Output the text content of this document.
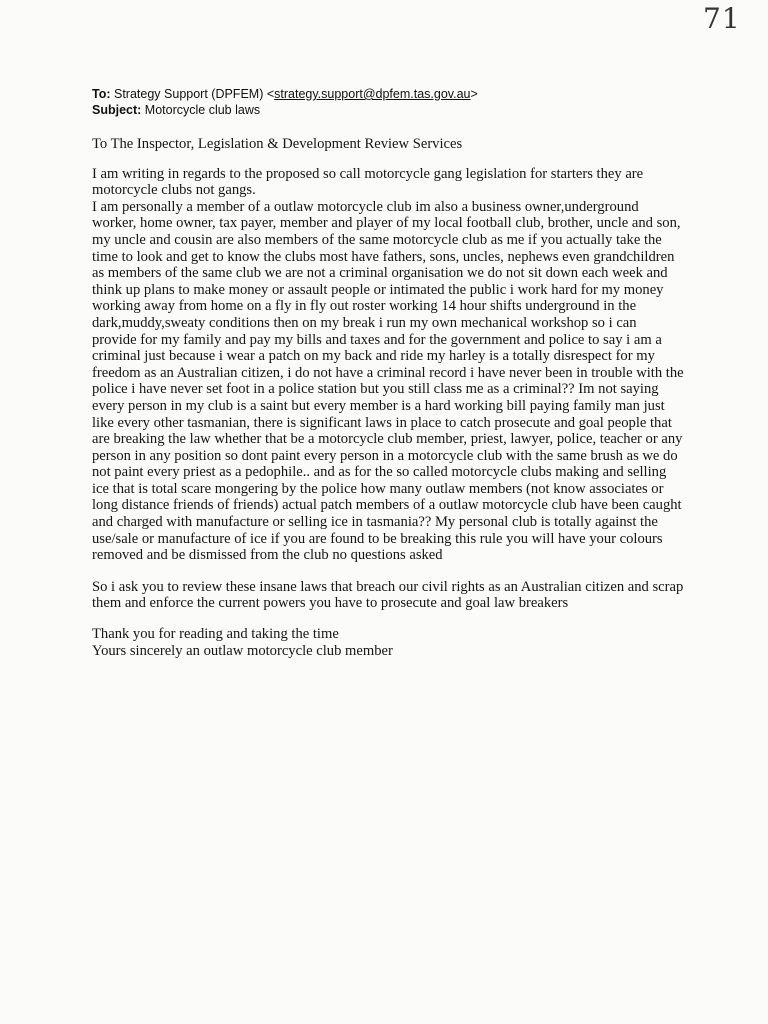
71
To: Strategy Support (DPFEM) <strategy.support@dpfem.tas.gov.au>
Subject: Motorcycle club laws

To The Inspector, Legislation & Development Review Services

I am writing in regards to the proposed so call motorcycle gang legislation for starters they are motorcycle clubs not gangs.

I am personally a member of a outlaw motorcycle club im also a business owner,underground worker, home owner, tax payer, member and player of my local football club, brother, uncle and son, my uncle and cousin are also members of the same motorcycle club as me if you actually take the time to look and get to know the clubs most have fathers, sons, uncles, nephews even grandchildren as members of the same club we are not a criminal organisation we do not sit down each week and think up plans to make money or assault people or intimated the public i work hard for my money working away from home on a fly in fly out roster working 14 hour shifts underground in the dark,muddy,sweaty conditions then on my break i run my own mechanical workshop so i can provide for my family and pay my bills and taxes and for the government and police to say i am a criminal just because i wear a patch on my back and ride my harley is a totally disrespect for my freedom as an Australian citizen, i do not have a criminal record i have never been in trouble with the police i have never set foot in a police station but you still class me as a criminal?? Im not saying every person in my club is a saint but every member is a hard working bill paying family man just like every other tasmanian, there is significant laws in place to catch prosecute and goal people that are breaking the law whether that be a motorcycle club member, priest, lawyer, police, teacher or any person in any position so dont paint every person in a motorcycle club with the same brush as we do not paint every priest as a pedophile.. and as for the so called motorcycle clubs making and selling ice that is total scare mongering by the police how many outlaw members (not know associates or long distance friends of friends) actual patch members of a outlaw motorcycle club have been caught and charged with manufacture or selling ice in tasmania?? My personal club is totally against the use/sale or manufacture of ice if you are found to be breaking this rule you will have your colours removed and be dismissed from the club no questions asked

So i ask you to review these insane laws that breach our civil rights as an Australian citizen and scrap them and enforce the current powers you have to prosecute and goal law breakers

Thank you for reading and taking the time

Yours sincerely an outlaw motorcycle club member
